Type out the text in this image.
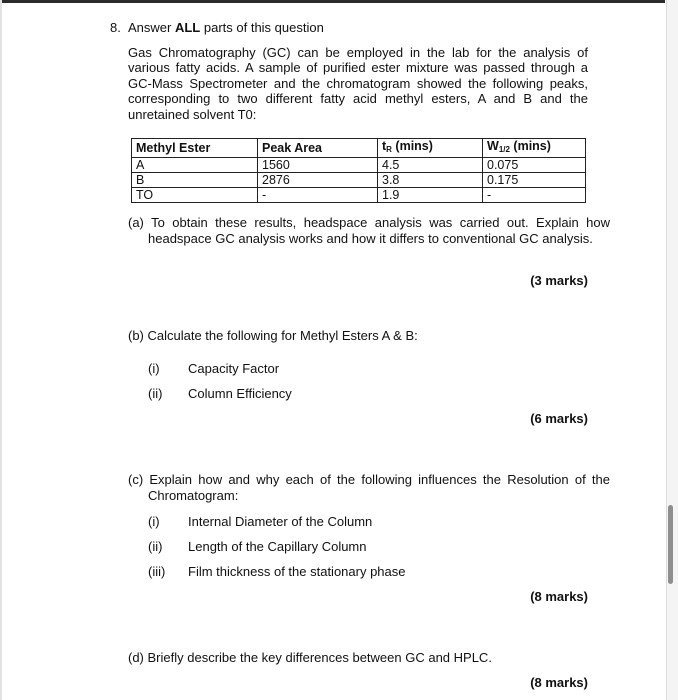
8. Answer ALL parts of this question
Gas Chromatography (GC) can be employed in the lab for the analysis of various fatty acids. A sample of purified ester mixture was passed through a GC-Mass Spectrometer and the chromatogram showed the following peaks, corresponding to two different fatty acid methyl esters, A and B and the unretained solvent T0:
Methyl Ester	Peak Area	$t_R$ (mins)	$W_{1/2}$ (mins)
A	1560	4.5	0.075
B	2876	3.8	0.175
TO	-	1.9	-
(a) To obtain these results, headspace analysis was carried out. Explain how headspace GC analysis works and how it differs to conventional GC analysis.
(3 marks)
(b) Calculate the following for Methyl Esters A & B:
(i) Capacity Factor
(ii) Column Efficiency
(6 marks)
(c) Explain how and why each of the following influences the Resolution of the Chromatogram:
(i) Internal Diameter of the Column
(ii) Length of the Capillary Column
(iii) Film thickness of the stationary phase
(8 marks)
(d) Briefly describe the key differences between GC and HPLC.
(8 marks)
